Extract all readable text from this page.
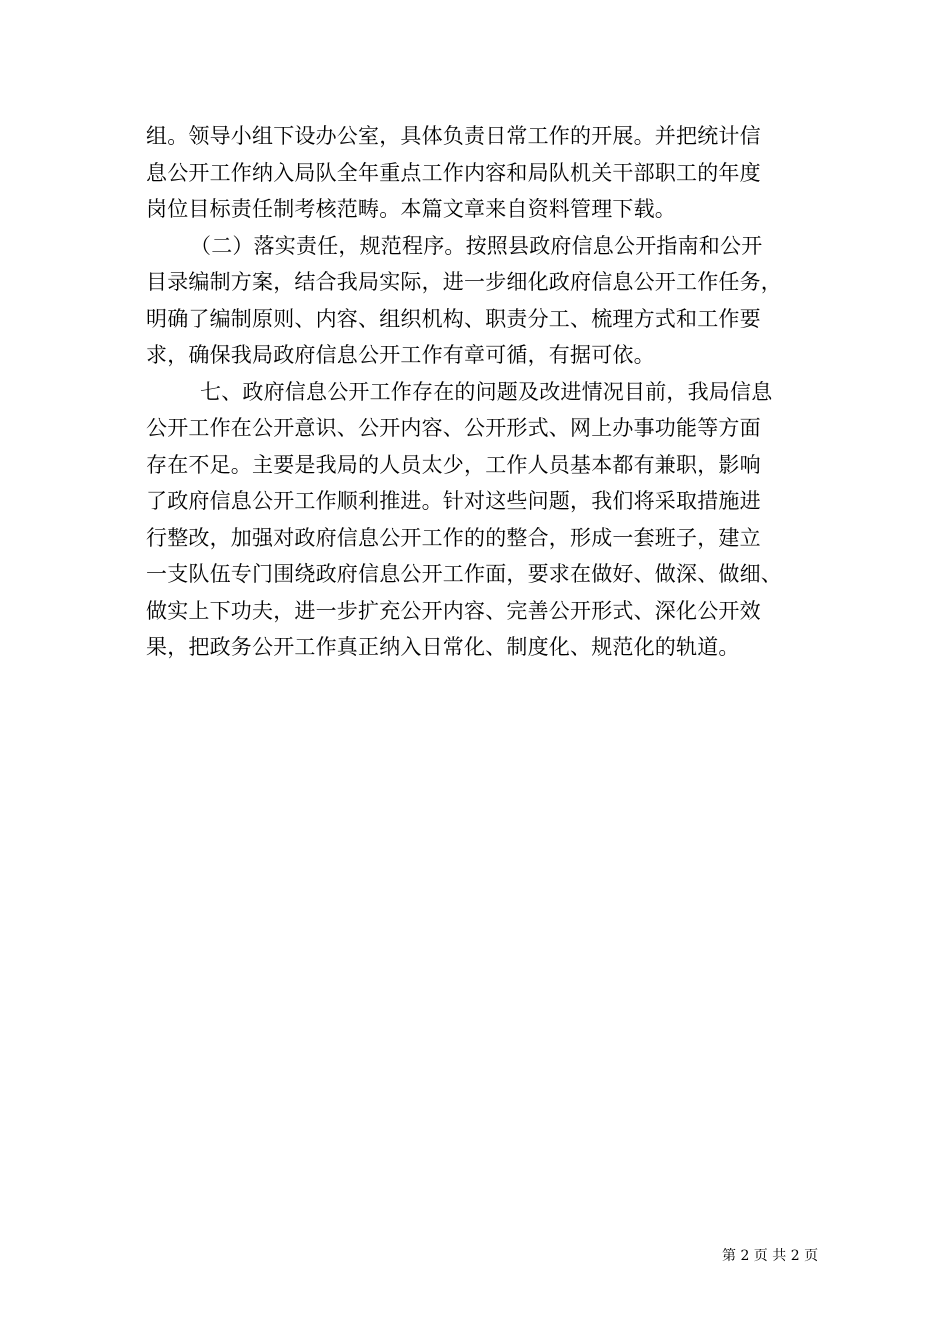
组。领导小组下设办公室，具体负责日常工作的开展。并把统计信
息公开工作纳入局队全年重点工作内容和局队机关干部职工的年度
岗位目标责任制考核范畴。本篇文章来自资料管理下载。
（二）落实责任，规范程序。按照县政府信息公开指南和公开
目录编制方案，结合我局实际，进一步细化政府信息公开工作任务，
明确了编制原则、内容、组织机构、职责分工、梳理方式和工作要
求，确保我局政府信息公开工作有章可循，有据可依。
七、政府信息公开工作存在的问题及改进情况目前，我局信息
公开工作在公开意识、公开内容、公开形式、网上办事功能等方面
存在不足。主要是我局的人员太少，工作人员基本都有兼职，影响
了政府信息公开工作顺利推进。针对这些问题，我们将采取措施进
行整改，加强对政府信息公开工作的的整合，形成一套班子，建立
一支队伍专门围绕政府信息公开工作面，要求在做好、做深、做细、
做实上下功夫，进一步扩充公开内容、完善公开形式、深化公开效
果，把政务公开工作真正纳入日常化、制度化、规范化的轨道。
第 2 页 共 2 页
